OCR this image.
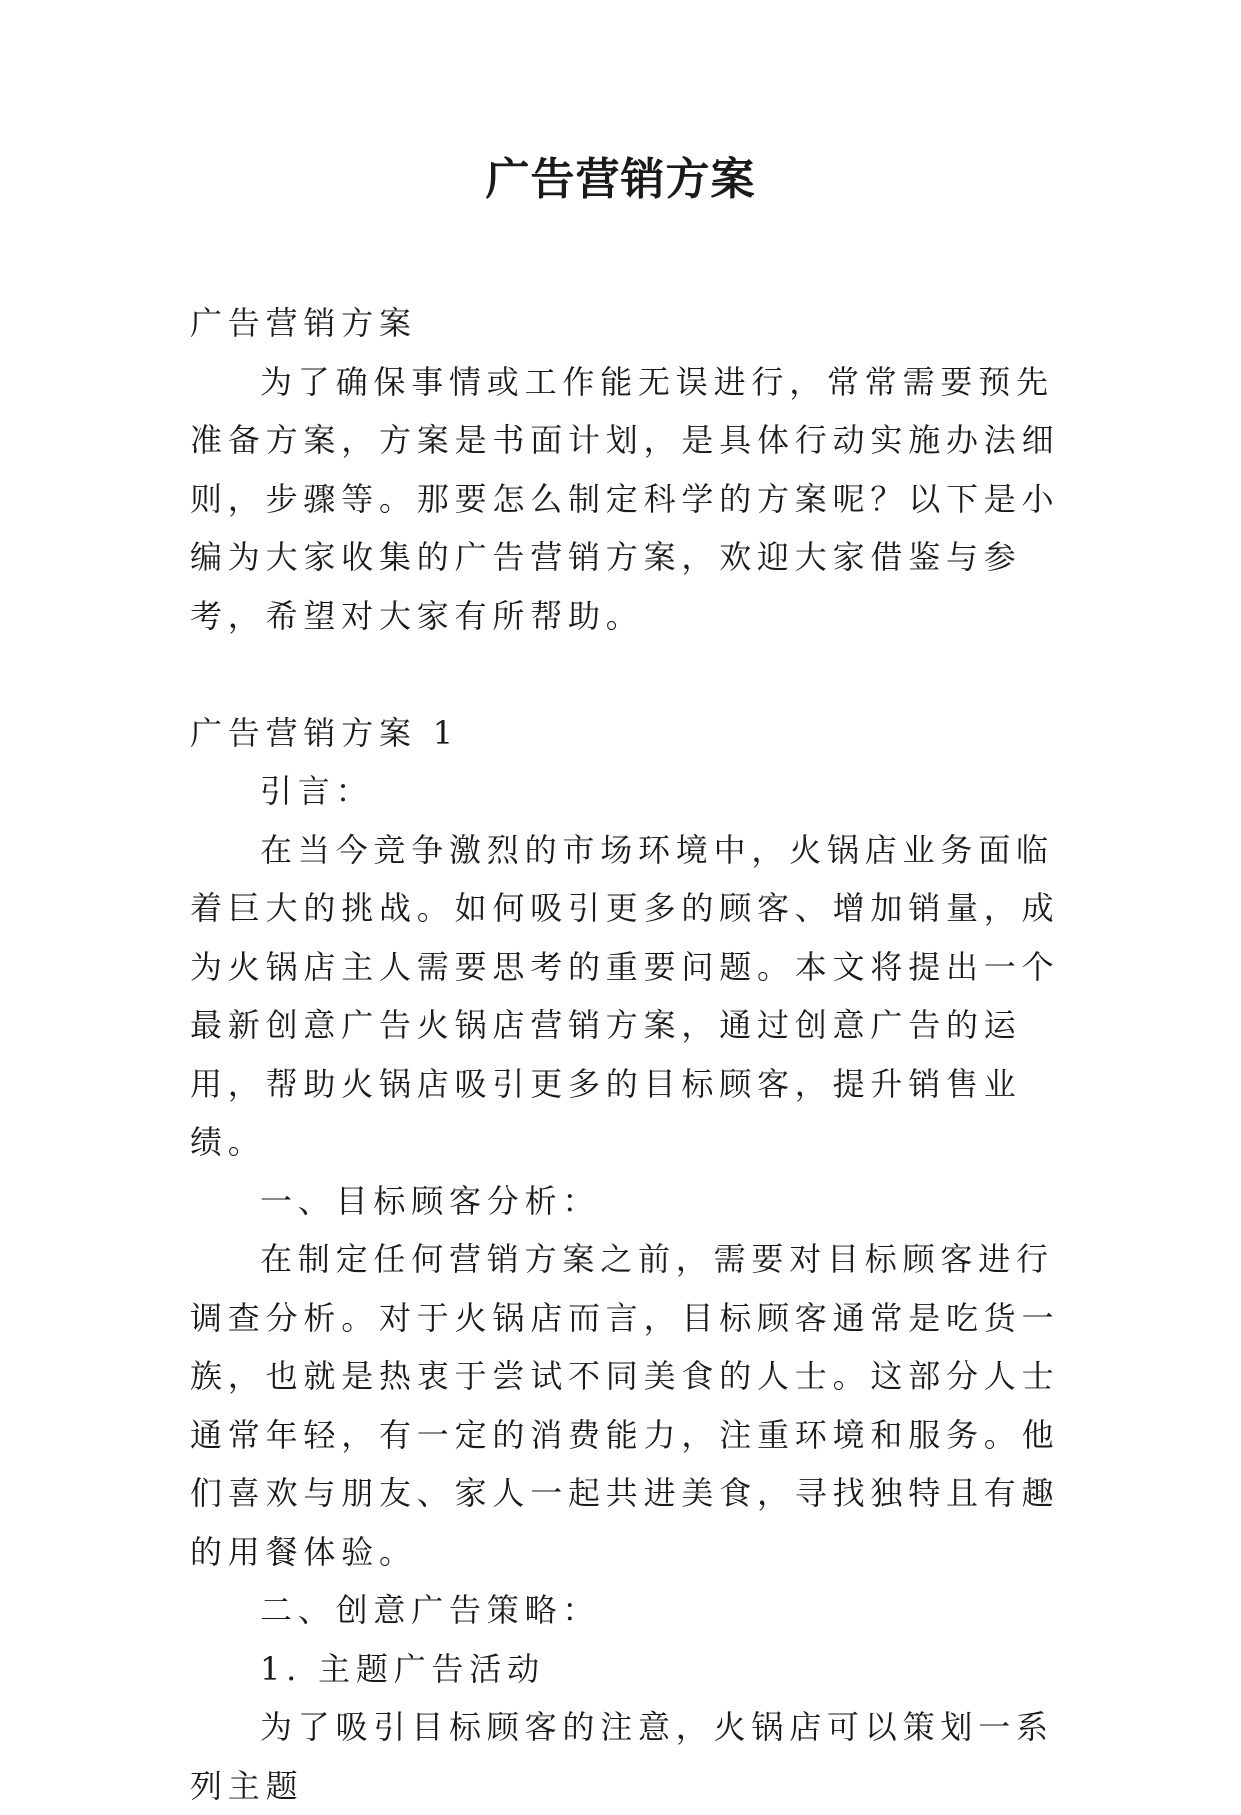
广告营销方案

广告营销方案

为了确保事情或工作能无误进行，常常需要预先准备方案，方案是书面计划，是具体行动实施办法细则，步骤等。那要怎么制定科学的方案呢？以下是小编为大家收集的广告营销方案，欢迎大家借鉴与参考，希望对大家有所帮助。

广告营销方案 1

引言：

在当今竞争激烈的市场环境中，火锅店业务面临着巨大的挑战。如何吸引更多的顾客、增加销量，成为火锅店主人需要思考的重要问题。本文将提出一个最新创意广告火锅店营销方案，通过创意广告的运用，帮助火锅店吸引更多的目标顾客，提升销售业绩。

一、目标顾客分析：

在制定任何营销方案之前，需要对目标顾客进行调查分析。对于火锅店而言，目标顾客通常是吃货一族，也就是热衷于尝试不同美食的人士。这部分人士通常年轻，有一定的消费能力，注重环境和服务。他们喜欢与朋友、家人一起共进美食，寻找独特且有趣的用餐体验。

二、创意广告策略：

1. 主题广告活动

为了吸引目标顾客的注意，火锅店可以策划一系列主题
